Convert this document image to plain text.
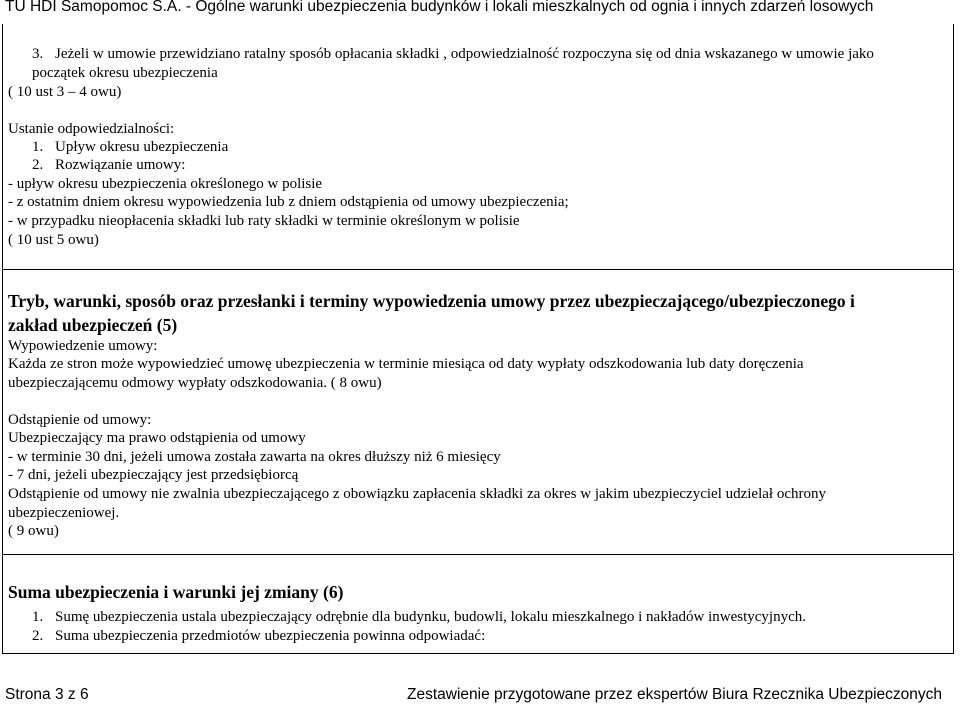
TU HDI Samopomoc S.A. - Ogólne warunki ubezpieczenia budynków i lokali mieszkalnych od ognia i innych zdarzeń losowych
3. Jeżeli w umowie przewidziano ratalny sposób opłacania składki , odpowiedzialność rozpoczyna się od dnia wskazanego w umowie jako
początek okresu ubezpieczenia
( 10 ust 3 – 4 owu)
Ustanie odpowiedzialności:
1. Upływ okresu ubezpieczenia
2. Rozwiązanie umowy:
- upływ okresu ubezpieczenia określonego w polisie
- z ostatnim dniem okresu wypowiedzenia lub z dniem odstąpienia od umowy ubezpieczenia;
- w przypadku nieopłacenia składki lub raty składki w terminie określonym w polisie
( 10 ust 5 owu)
Tryb, warunki, sposób oraz przesłanki i terminy wypowiedzenia umowy przez ubezpieczającego/ubezpieczonego i
zakład ubezpieczeń (5)
Wypowiedzenie umowy:
Każda ze stron może wypowiedzieć umowę ubezpieczenia w terminie miesiąca od daty wypłaty odszkodowania lub daty doręczenia
ubezpieczającemu odmowy wypłaty odszkodowania. ( 8 owu)
Odstąpienie od umowy:
Ubezpieczający ma prawo odstąpienia od umowy
- w terminie 30 dni, jeżeli umowa została zawarta na okres dłuższy niż 6 miesięcy
- 7 dni, jeżeli ubezpieczający jest przedsiębiorcą
Odstąpienie od umowy nie zwalnia ubezpieczającego z obowiązku zapłacenia składki za okres w jakim ubezpieczyciel udzielał ochrony
ubezpieczeniowej.
( 9 owu)
Suma ubezpieczenia i warunki jej zmiany (6)
1. Sumę ubezpieczenia ustala ubezpieczający odrębnie dla budynku, budowli, lokalu mieszkalnego i nakładów inwestycyjnych.
2. Suma ubezpieczenia przedmiotów ubezpieczenia powinna odpowiadać:
Strona 3 z 6	Zestawienie przygotowane przez ekspertów Biura Rzecznika Ubezpieczonych
